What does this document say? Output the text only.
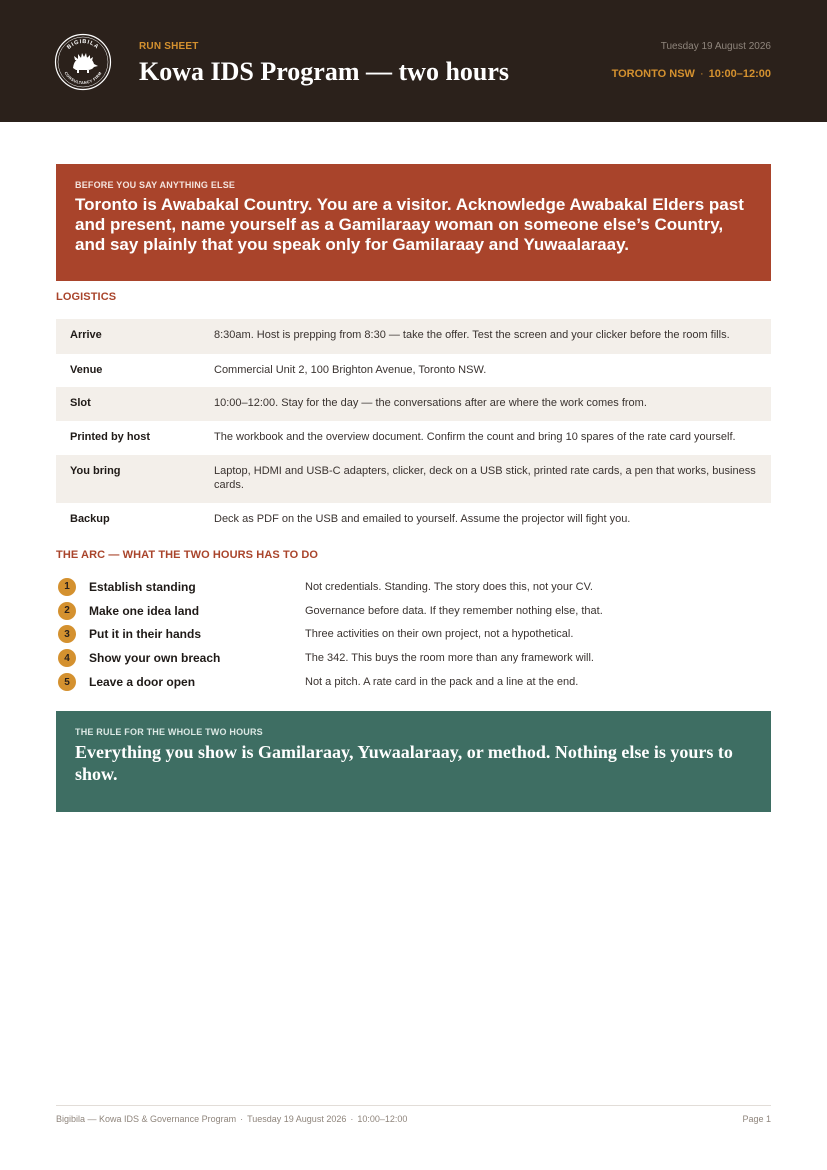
BIGIBILA
CONSULTANCY FIRM
RUN SHEET
Kowa IDS Program — two hours
Tuesday 19 August 2026
TORONTO NSW · 10:00–12:00
BEFORE YOU SAY ANYTHING ELSE
Toronto is Awabakal Country. You are a visitor. Acknowledge Awabakal Elders past and present, name yourself as a Gamilaraay woman on someone else’s Country, and say plainly that you speak only for Gamilaraay and Yuwaalaraay.
LOGISTICS
Arrive	8:30am. Host is prepping from 8:30 — take the offer. Test the screen and your clicker before the room fills.
Venue	Commercial Unit 2, 100 Brighton Avenue, Toronto NSW.
Slot	10:00–12:00. Stay for the day — the conversations after are where the work comes from.
Printed by host	The workbook and the overview document. Confirm the count and bring 10 spares of the rate card yourself.
You bring	Laptop, HDMI and USB-C adapters, clicker, deck on a USB stick, printed rate cards, a pen that works, business cards.
Backup	Deck as PDF on the USB and emailed to yourself. Assume the projector will fight you.
THE ARC — WHAT THE TWO HOURS HAS TO DO
1	Establish standing	Not credentials. Standing. The story does this, not your CV.
2	Make one idea land	Governance before data. If they remember nothing else, that.
3	Put it in their hands	Three activities on their own project, not a hypothetical.
4	Show your own breach	The 342. This buys the room more than any framework will.
5	Leave a door open	Not a pitch. A rate card in the pack and a line at the end.
THE RULE FOR THE WHOLE TWO HOURS
Everything you show is Gamilaraay, Yuwaalaraay, or method. Nothing else is yours to show.
Bigibila — Kowa IDS & Governance Program · Tuesday 19 August 2026 · 10:00–12:00	Page 1
